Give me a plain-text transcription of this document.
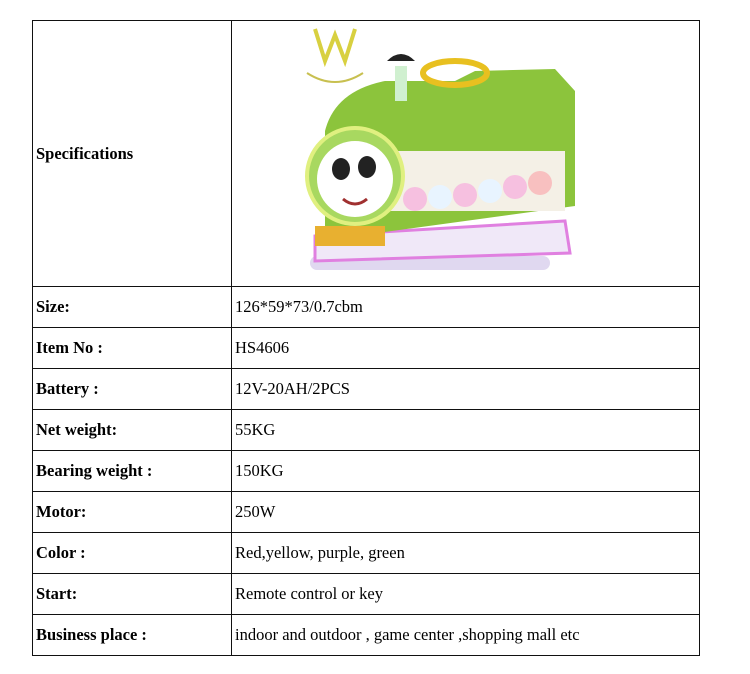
Specifications	

Size:	126*59*73/0.7cbm
Item No :	HS4606
Battery :	12V-20AH/2PCS
Net weight:	55KG
Bearing weight :	150KG
Motor:	250W
Color :	Red,yellow, purple, green
Start:	Remote control or key
Business place :	indoor and outdoor , game center ,shopping mall etc
